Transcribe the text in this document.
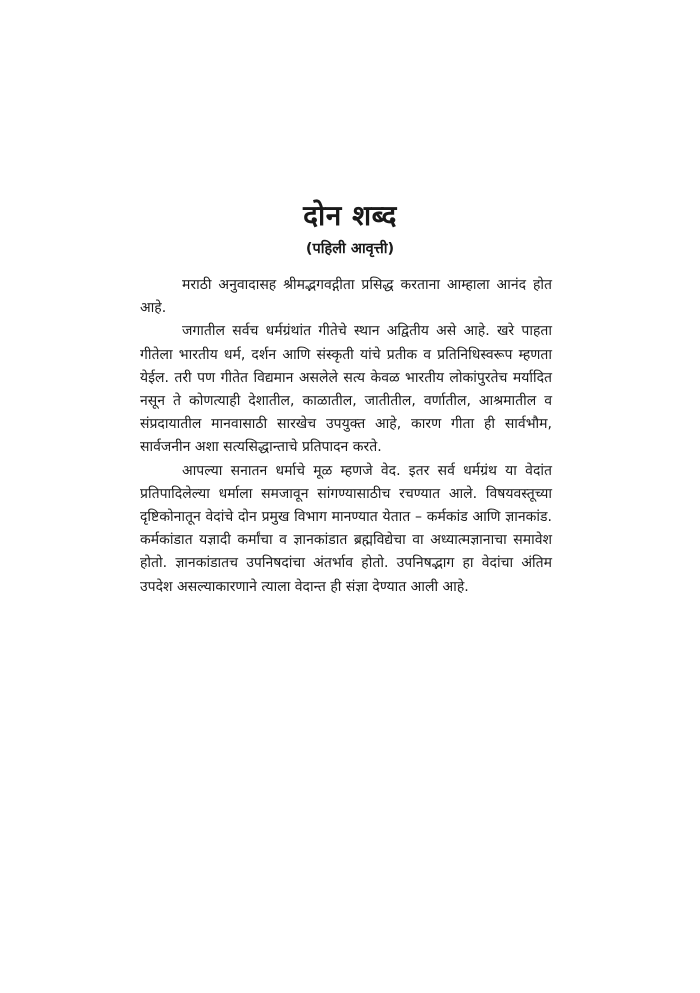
दोन शब्द
(पहिली आवृत्ती)

मराठी अनुवादासह श्रीमद्भगवद्गीता प्रसिद्ध करताना आम्हाला आनंद होत आहे.

जगातील सर्वच धर्मग्रंथांत गीतेचे स्थान अद्वितीय असे आहे. खरे पाहता गीतेला भारतीय धर्म, दर्शन आणि संस्कृती यांचे प्रतीक व प्रतिनिधिस्वरूप म्हणता येईल. तरी पण गीतेत विद्यमान असलेले सत्य केवळ भारतीय लोकांपुरतेच मर्यादित नसून ते कोणत्याही देशातील, काळातील, जातीतील, वर्णातील, आश्रमातील व संप्रदायातील मानवासाठी सारखेच उपयुक्त आहे, कारण गीता ही सार्वभौम, सार्वजनीन अशा सत्यसिद्धान्ताचे प्रतिपादन करते.

आपल्या सनातन धर्माचे मूळ म्हणजे वेद. इतर सर्व धर्मग्रंथ या वेदांत प्रतिपादिलेल्या धर्माला समजावून सांगण्यासाठीच रचण्यात आले. विषयवस्तूच्या दृष्टिकोनातून वेदांचे दोन प्रमुख विभाग मानण्यात येतात – कर्मकांड आणि ज्ञानकांड. कर्मकांडात यज्ञादी कर्मांचा व ज्ञानकांडात ब्रह्मविद्येचा वा अध्यात्मज्ञानाचा समावेश होतो. ज्ञानकांडातच उपनिषदांचा अंतर्भाव होतो. उपनिषद्भाग हा वेदांचा अंतिम उपदेश असल्याकारणाने त्याला वेदान्त ही संज्ञा देण्यात आली आहे.
